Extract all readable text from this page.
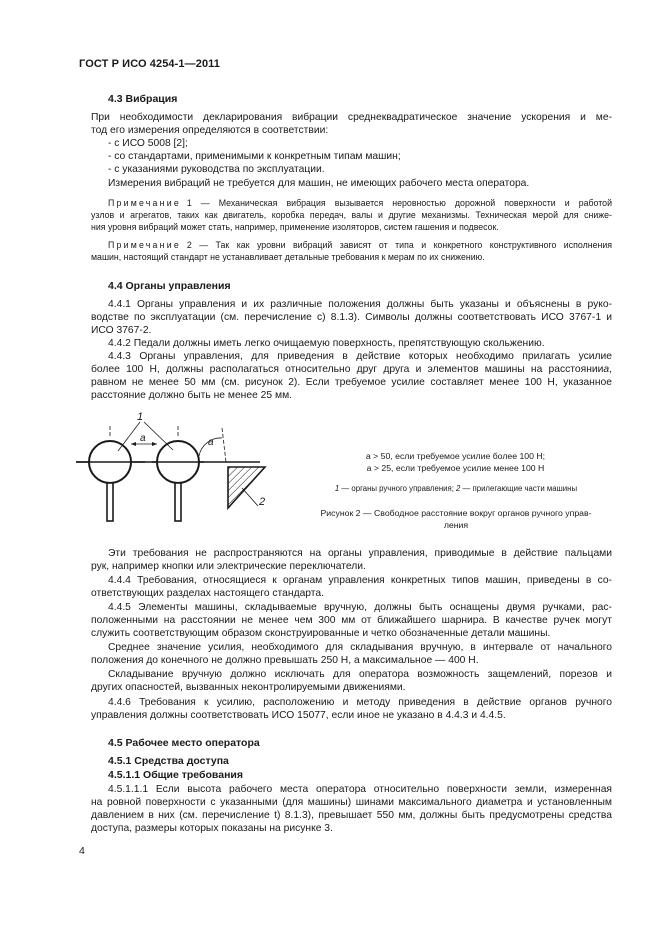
ГОСТ Р ИСО 4254-1—2011
4.3 Вибрация
При необходимости декларирования вибрации среднеквадратическое значение ускорения и ме-
тод его измерения определяются в соответствии:
- с ИСО 5008 [2];
- со стандартами, применимыми к конкретным типам машин;
- с указаниями руководства по эксплуатации.
Измерения вибраций не требуется для машин, не имеющих рабочего места оператора.
Примечание 1 — Механическая вибрация вызывается неровностью дорожной поверхности и работой
узлов и агрегатов, таких как двигатель, коробка передач, валы и другие механизмы. Техническая мерой для сниже-
ния уровня вибраций может стать, например, применение изоляторов, систем гашения и подвесок.
Примечание 2 — Так как уровни вибраций зависят от типа и конкретного конструктивного исполнения
машин, настоящий стандарт не устанавливает детальные требования к мерам по их снижению.
4.4 Органы управления
4.4.1 Органы управления и их различные положения должны быть указаны и объяснены в руко-
водстве по эксплуатации (см. перечисление c) 8.1.3). Символы должны соответствовать ИСО 3767-1 и
ИСО 3767-2.
4.4.2 Педали должны иметь легко очищаемую поверхность, препятствующую скольжению.
4.4.3 Органы управления, для приведения в действие которых необходимо прилагать усилие
более 100 Н, должны располагаться относительно друг друга и элементов машины на расстоянии a ,
равном не менее 50 мм (см. рисунок 2). Если требуемое усилие составляет менее 100 Н, указанное
расстояние должно быть не менее 25 мм.
a	a
1
2
a > 50, если требуемое усилие более 100 Н;
a > 25, если требуемое усилие менее 100 Н
1 — органы ручного управления; 2 — прилегающие части машины
Рисунок 2 — Свободное расстояние вокруг органов ручного управ-
ления
Эти требования не распространяются на органы управления, приводимые в действие пальцами
рук, например кнопки или электрические переключатели.
4.4.4 Требования, относящиеся к органам управления конкретных типов машин, приведены в со-
ответствующих разделах настоящего стандарта.
4.4.5 Элементы машины, складываемые вручную, должны быть оснащены двумя ручками, рас-
положенными на расстоянии не менее чем 300 мм от ближайшего шарнира. В качестве ручек могут
служить соответствующим образом сконструированные и четко обозначенные детали машины.
Среднее значение усилия, необходимого для складывания вручную, в интервале от начального
положения до конечного не должно превышать 250 Н, а максимальное — 400 Н.
Складывание вручную должно исключать для оператора возможность защемлений, порезов и
других опасностей, вызванных неконтролируемыми движениями.
4.4.6 Требования к усилию, расположению и методу приведения в действие органов ручного
управления должны соответствовать ИСО 15077, если иное не указано в 4.4.3 и 4.4.5.
4.5 Рабочее место оператора
4.5.1 Средства доступа
4.5.1.1 Общие требования
4.5.1.1.1 Если высота рабочего места оператора относительно поверхности земли, измеренная
на ровной поверхности с указанными (для машины) шинами максимального диаметра и установленным
давлением в них (см. перечисление t) 8.1.3), превышает 550 мм, должны быть предусмотрены средства
доступа, размеры которых показаны на рисунке 3.
4
